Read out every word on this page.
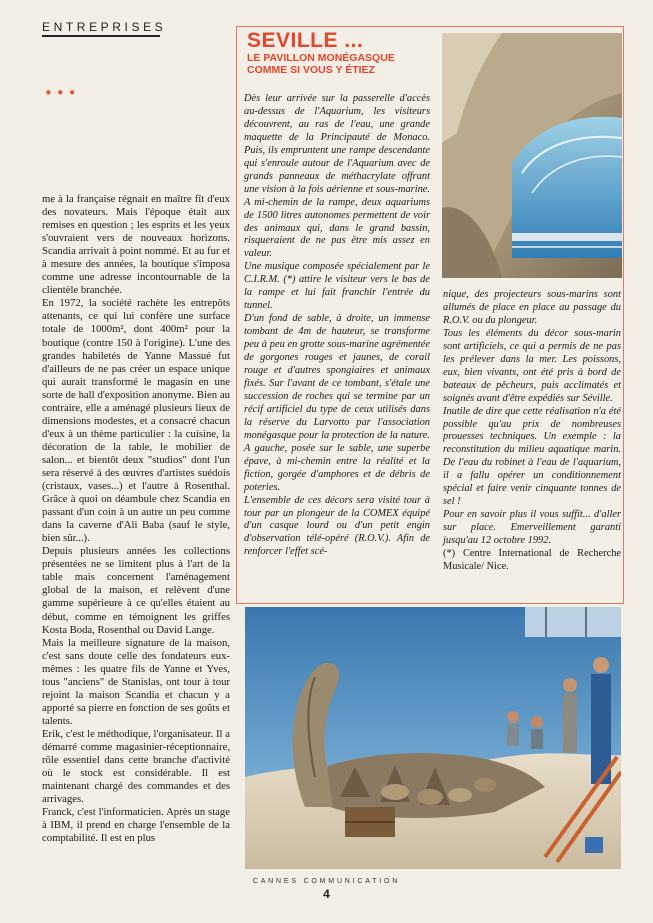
ENTREPRISES
•••

me à la française régnait en maître fît d'eux des novateurs. Mais l'époque était aux remises en question ; les esprits et les yeux s'ouvraient vers de nouveaux horizons. Scandia arrivait à point nommé. Et au fur et à mesure des années, la boutique s'imposa comme une adresse incontournable de la clientèle branchée.

En 1972, la société rachète les entrepôts attenants, ce qui lui confère une surface totale de 1000m², dont 400m² pour la boutique (contre 150 à l'origine). L'une des grandes habiletés de Yanne Massué fut d'ailleurs de ne pas créer un espace unique qui aurait transformé le magasin en une sorte de hall d'exposition anonyme. Bien au contraire, elle a aménagé plusieurs lieux de dimensions modestes, et a consacré chacun d'eux à un thème particulier : la cuisine, la décoration de la table, le mobilier de salon... et bientôt deux "studios" dont l'un sera réservé à des œuvres d'artistes suédois (cristaux, vases...) et l'autre à Rosenthal. Grâce à quoi on déambule chez Scandia en passant d'un coin à un autre un peu comme dans la caverne d'Ali Baba (sauf le style, bien sûr...).

Depuis plusieurs années les collections présentées ne se limitent plus à l'art de la table mais concernent l'aménagement global de la maison, et relèvent d'une gamme supérieure à ce qu'elles étaient au début, comme en témoignent les griffes Kosta Boda, Rosenthal ou David Lange.

Mais la meilleure signature de la maison, c'est sans doute celle des fondateurs eux-mêmes : les quatre fils de Yanne et Yves, tous "anciens" de Stanislas, ont tour à tour rejoint la maison Scandia et chacun y a apporté sa pierre en fonction de ses goûts et talents.

Erik, c'est le méthodique, l'organisateur. Il a démarré comme magasinier-réceptionnaire, rôle essentiel dans cette branche d'activité où le stock est considérable. Il est maintenant chargé des commandes et des arrivages.

Franck, c'est l'informaticien. Après un stage à IBM, il prend en charge l'ensemble de la comptabilité. Il est en plus

SEVILLE ...
LE PAVILLON MONÉGASQUE COMME SI VOUS Y ÉTIEZ

Dès leur arrivée sur la passerelle d'accès au-dessus de l'Aquarium, les visiteurs découvrent, au ras de l'eau, une grande maquette de la Principauté de Monaco. Puis, ils empruntent une rampe descendante qui s'enroule autour de l'Aquarium avec de grands panneaux de méthacrylate offrant une vision à la fois aérienne et sous-marine. A mi-chemin de la rampe, deux aquariums de 1500 litres autonomes permettent de voir des animaux qui, dans le grand bassin, risqueraient de ne pas être mis assez en valeur.

Une musique composée spécialement par le C.I.R.M. (*) attire le visiteur vers le bas de la rampe et lui fait franchir l'entrée du tunnel.

D'un fond de sable, à droite, un immense tombant de 4m de hauteur, se transforme peu à peu en grotte sous-marine agrémentée de gorgones rouges et jaunes, de corail rouge et d'autres spongiaires et animaux fixés. Sur l'avant de ce tombant, s'étale une succession de roches qui se termine par un récif artificiel du type de ceux utilisés dans la réserve du Larvotto par l'association monégasque pour la protection de la nature. A gauche, posée sur le sable, une superbe épave, à mi-chemin entre la réalité et la fiction, gorgée d'amphores et de débris de poteries.

L'ensemble de ces décors sera visité tour à tour par un plongeur de la COMEX équipé d'un casque lourd ou d'un petit engin d'observation télé-opéré (R.O.V.). Afin de renforcer l'effet scé-

nique, des projecteurs sous-marins sont allumés de place en place au passage du R.O.V. ou du plongeur.

Tous les éléments du décor sous-marin sont artificiels, ce qui a permis de ne pas les prélever dans la mer. Les poissons, eux, bien vivants, ont été pris à bord de bateaux de pêcheurs, puis acclimatés et soignés avant d'être expédiés sur Séville.

Inutile de dire que cette réalisation n'a été possible qu'au prix de nombreuses prouesses techniques. Un exemple : la reconstitution du milieu aquatique marin. De l'eau du robinet à l'eau de l'aquarium, il a fallu opérer un conditionnement spécial et faire venir cinquante tonnes de sel !

Pour en savoir plus il vous suffit... d'aller sur place. Emerveillement garanti jusqu'au 12 octobre 1992.

(*) Centre International de Recherche Musicale/ Nice.

CANNES COMMUNICATION
4
